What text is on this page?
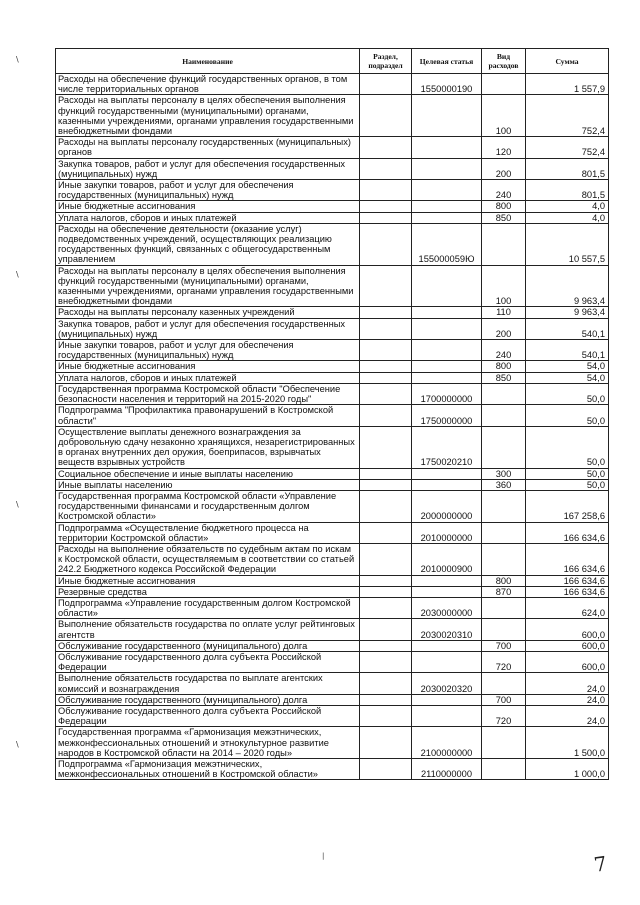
\
\
\
\
|
Наименование	Раздел, подраздел	Целевая статья	Вид расходов	Сумма
Расходы на обеспечение функций государственных органов, в том числе территориальных органов		1550000190		1 557,9
Расходы на выплаты персоналу в целях обеспечения выполнения функций государственными (муниципальными) органами, казенными учреждениями, органами управления государственными внебюджетными фондами			100	752,4
Расходы на выплаты персоналу государственных (муниципальных) органов			120	752,4
Закупка товаров, работ и услуг для обеспечения государственных (муниципальных) нужд			200	801,5
Иные закупки товаров, работ и услуг для обеспечения государственных (муниципальных) нужд			240	801,5
Иные бюджетные ассигнования			800	4,0
Уплата налогов, сборов и иных платежей			850	4,0
Расходы на обеспечение деятельности (оказание услуг) подведомственных учреждений, осуществляющих реализацию государственных функций, связанных с общегосударственным управлением		155000059Ю		10 557,5
Расходы на выплаты персоналу в целях обеспечения выполнения функций государственными (муниципальными) органами, казенными учреждениями, органами управления государственными внебюджетными фондами			100	9 963,4
Расходы на выплаты персоналу казенных учреждений			110	9 963,4
Закупка товаров, работ и услуг для обеспечения государственных (муниципальных) нужд			200	540,1
Иные закупки товаров, работ и услуг для обеспечения государственных (муниципальных) нужд			240	540,1
Иные бюджетные ассигнования			800	54,0
Уплата налогов, сборов и иных платежей			850	54,0
Государственная программа Костромской области "Обеспечение безопасности населения и территорий на 2015-2020 годы"		1700000000		50,0
Подпрограмма "Профилактика правонарушений в Костромской области"		1750000000		50,0
Осуществление выплаты денежного вознаграждения за добровольную сдачу незаконно хранящихся, незарегистрированных в органах внутренних дел оружия, боеприпасов, взрывчатых веществ взрывных устройств		1750020210		50,0
Социальное обеспечение и иные выплаты населению			300	50,0
Иные выплаты населению			360	50,0
Государственная программа Костромской области «Управление государственными финансами и государственным долгом Костромской области»		2000000000		167 258,6
Подпрограмма «Осуществление бюджетного процесса на территории Костромской области»		2010000000		166 634,6
Расходы на выполнение обязательств по судебным актам по искам к Костромской области, осуществляемым в соответствии со статьей 242.2 Бюджетного кодекса Российской Федерации		2010000900		166 634,6
Иные бюджетные ассигнования			800	166 634,6
Резервные средства			870	166 634,6
Подпрограмма «Управление государственным долгом Костромской области»		2030000000		624,0
Выполнение обязательств государства по оплате услуг рейтинговых агентств		2030020310		600,0
Обслуживание государственного (муниципального) долга			700	600,0
Обслуживание государственного долга субъекта Российской Федерации			720	600,0
Выполнение обязательств государства по выплате агентских комиссий и вознаграждения		2030020320		24,0
Обслуживание государственного (муниципального) долга			700	24,0
Обслуживание государственного долга субъекта Российской Федерации			720	24,0
Государственная программа «Гармонизация межэтнических, межконфессиональных отношений и этнокультурное развитие народов в Костромской области на 2014 – 2020 годы»		2100000000		1 500,0
Подпрограмма «Гармонизация межэтнических, межконфессиональных отношений в Костромской области»		2110000000		1 000,0
7
